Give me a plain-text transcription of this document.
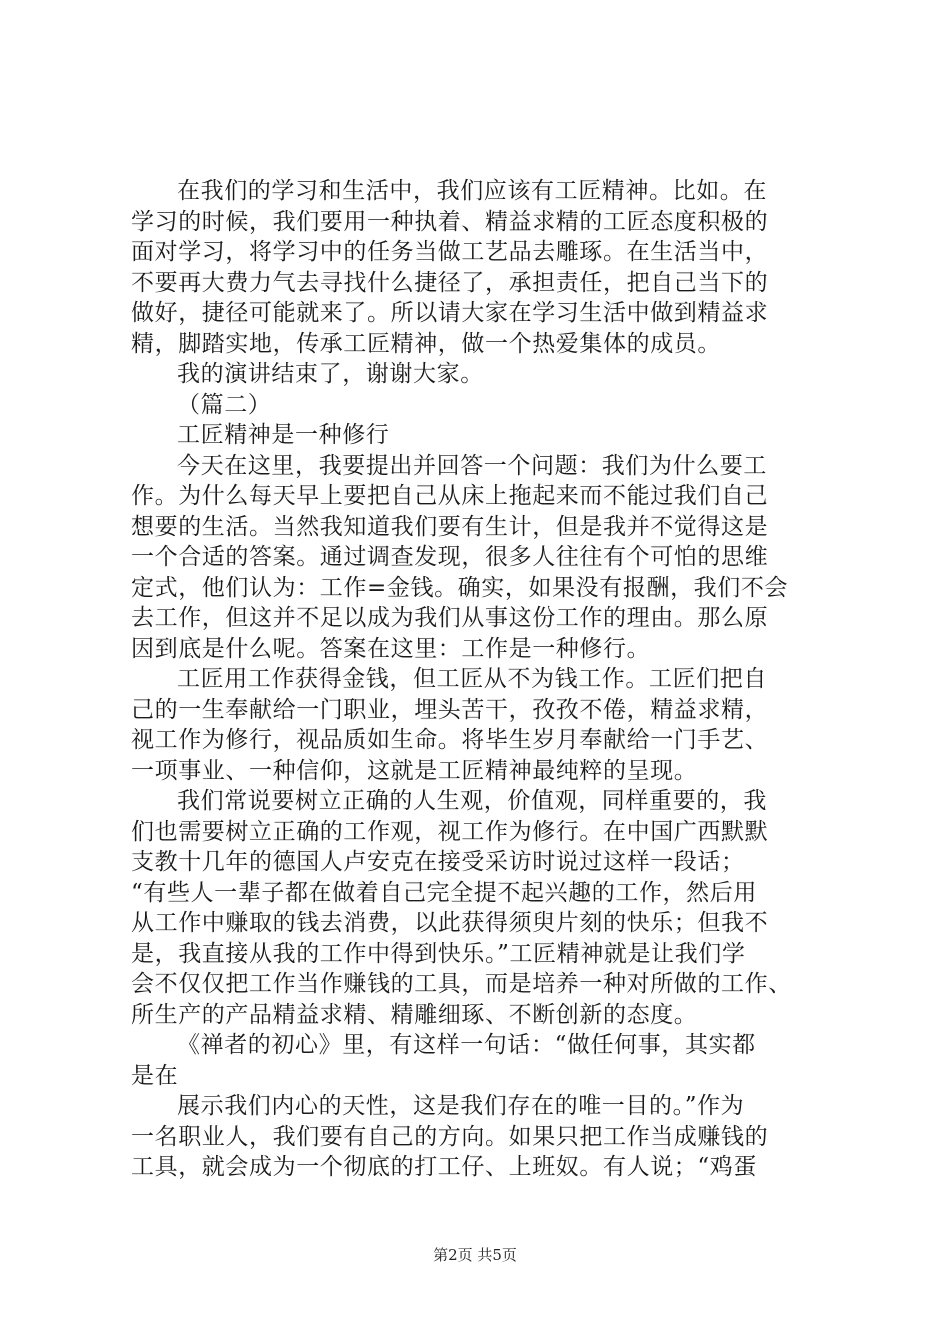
在我们的学习和生活中，我们应该有工匠精神。比如。在
学习的时候，我们要用一种执着、精益求精的工匠态度积极的
面对学习，将学习中的任务当做工艺品去雕琢。在生活当中，
不要再大费力气去寻找什么捷径了，承担责任，把自己当下的
做好，捷径可能就来了。所以请大家在学习生活中做到精益求
精，脚踏实地，传承工匠精神，做一个热爱集体的成员。
我的演讲结束了，谢谢大家。
（篇二）
工匠精神是一种修行
今天在这里，我要提出并回答一个问题：我们为什么要工
作。为什么每天早上要把自己从床上拖起来而不能过我们自己
想要的生活。当然我知道我们要有生计，但是我并不觉得这是
一个合适的答案。通过调查发现，很多人往往有个可怕的思维
定式，他们认为：工作=金钱。确实，如果没有报酬，我们不会
去工作，但这并不足以成为我们从事这份工作的理由。那么原
因到底是什么呢。答案在这里：工作是一种修行。
工匠用工作获得金钱，但工匠从不为钱工作。工匠们把自
己的一生奉献给一门职业，埋头苦干，孜孜不倦，精益求精，
视工作为修行，视品质如生命。将毕生岁月奉献给一门手艺、
一项事业、一种信仰，这就是工匠精神最纯粹的呈现。
我们常说要树立正确的人生观，价值观，同样重要的，我
们也需要树立正确的工作观，视工作为修行。在中国广西默默
支教十几年的德国人卢安克在接受采访时说过这样一段话；
“有些人一辈子都在做着自己完全提不起兴趣的工作，然后用
从工作中赚取的钱去消费，以此获得须臾片刻的快乐；但我不
是，我直接从我的工作中得到快乐。”工匠精神就是让我们学
会不仅仅把工作当作赚钱的工具，而是培养一种对所做的工作、
所生产的产品精益求精、精雕细琢、不断创新的态度。
《禅者的初心》里，有这样一句话：“做任何事，其实都
是在
展示我们内心的天性，这是我们存在的唯一目的。”作为
一名职业人，我们要有自己的方向。如果只把工作当成赚钱的
工具，就会成为一个彻底的打工仔、上班奴。有人说；“鸡蛋
第2页 共5页
